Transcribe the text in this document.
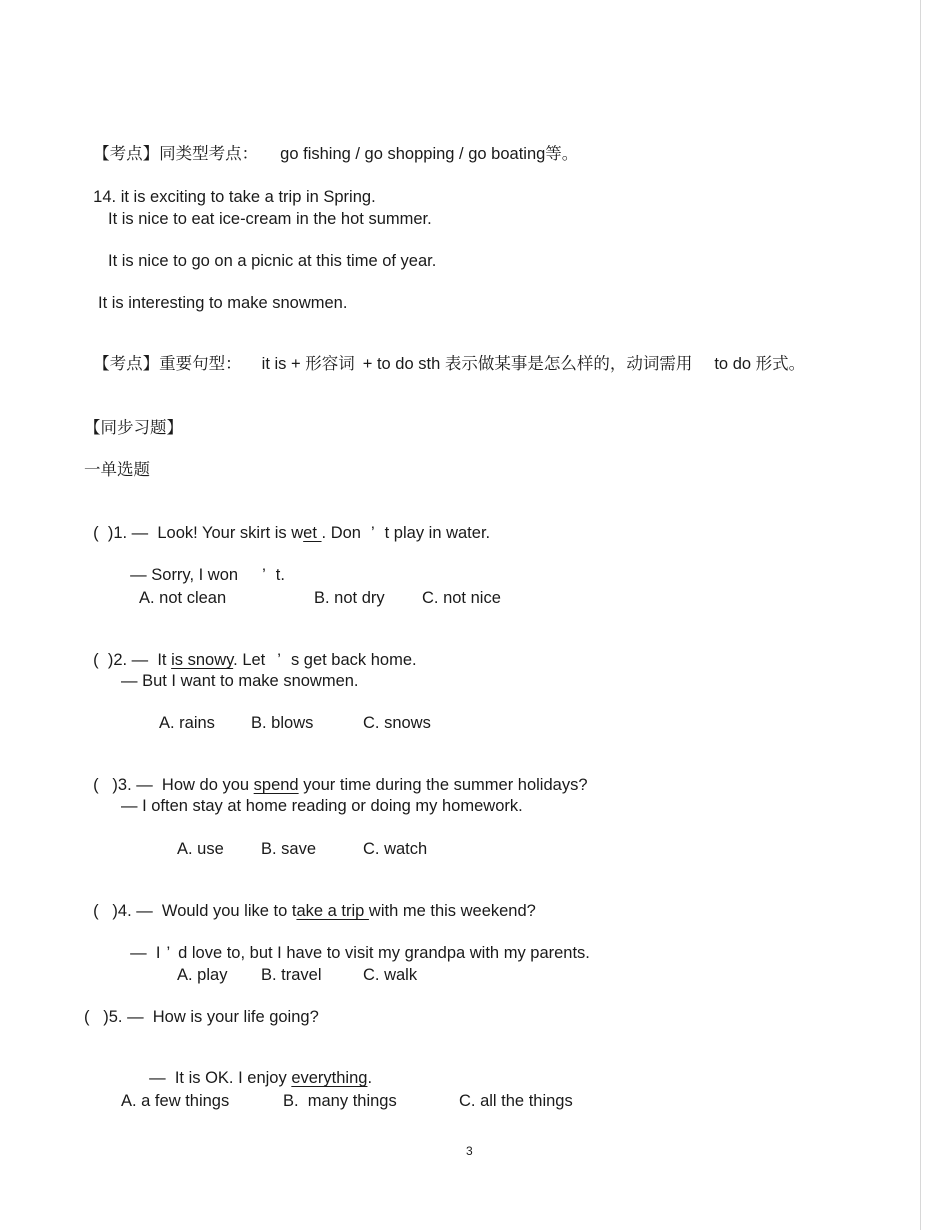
【考点】同类型考点： go fishing / go shopping / go boating等。

14. it is exciting to take a trip in Spring.

It is nice to eat ice-cream in the hot summer.
It is nice to go on a picnic at this time of year.
It is interesting to make snowmen.

【考点】重要句型： it is + 形容词 + to do sth 表示做某事是怎么样的，动词需用 to do 形式。

【同步习题】
一单选题

(  )1. —  Look! Your skirt is wet . Don ’ t play in water.

— Sorry, I won ’ t.

A. not clean	B. not dry C. not nice

(  )2. —  It is snowy. Let ’ s get back home.

— But I want to make snowmen.
A. rains B. blows	C. snows

(   )3. —  How do you spend your time during the summer holidays?

— I often stay at home reading or doing my homework.
A. use B. save	C. watch

(   )4. —  Would you like to take a trip with me this weekend?

—  I ’ d love to, but I have to visit my grandpa with my parents.

A. play B. travel	C. walk
(   )5. —  How is your life going?

—  It is OK. I enjoy everything.

A. a few things	B.  many things	C. all the things
3
